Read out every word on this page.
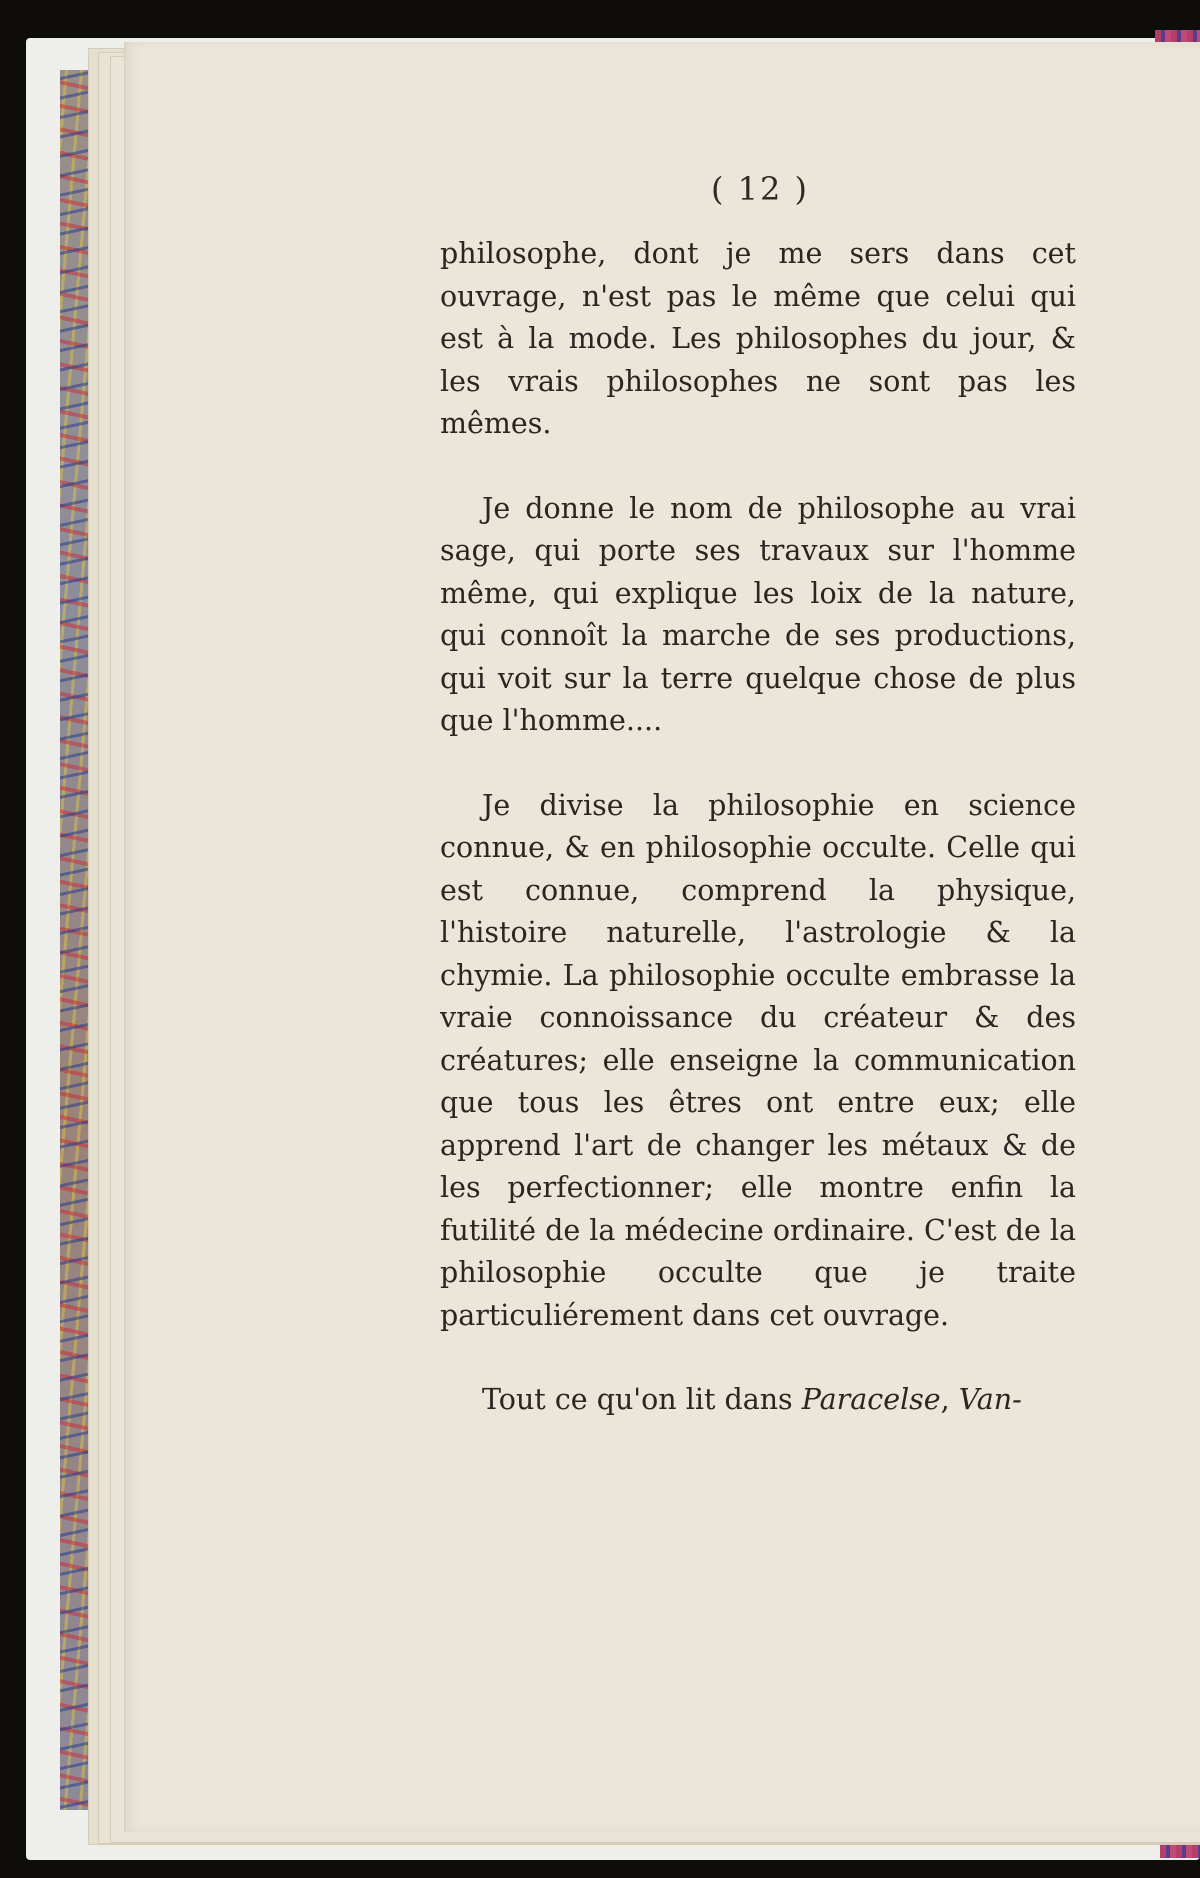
( 12 )

philosophe, dont je me sers dans cet ouvrage, n'est pas le même que celui qui est à la mode. Les philosophes du jour, & les vrais philosophes ne sont pas les mêmes.

Je donne le nom de philosophe au vrai sage, qui porte ses travaux sur l'homme même, qui explique les loix de la nature, qui connoît la marche de ses productions, qui voit sur la terre quelque chose de plus que l'homme....

Je divise la philosophie en science connue, & en philosophie occulte. Celle qui est connue, comprend la physique, l'histoire naturelle, l'astrologie & la chymie. La philosophie occulte embrasse la vraie connoissance du créateur & des créatures; elle enseigne la communication que tous les êtres ont entre eux; elle apprend l'art de changer les métaux & de les perfectionner; elle montre enfin la futilité de la médecine ordinaire. C'est de la philosophie occulte que je traite particuliérement dans cet ouvrage.

Tout ce qu'on lit dans Paracelse, Van-
